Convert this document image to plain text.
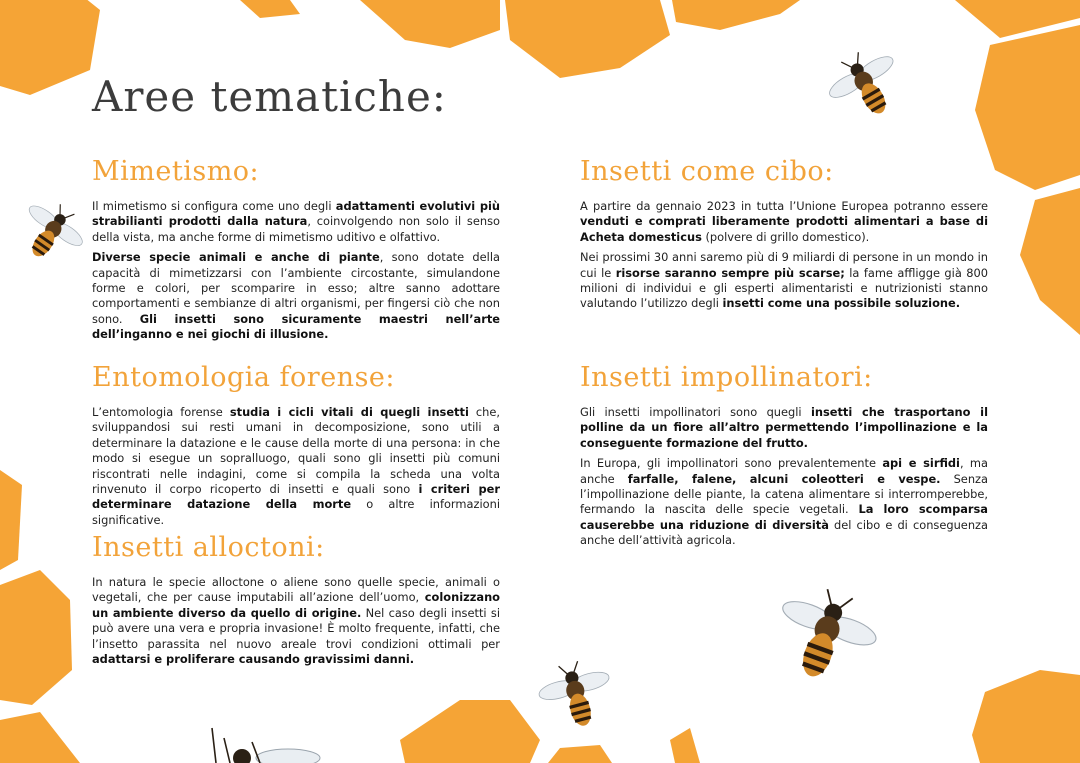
Aree tematiche:
Mimetismo:

Il mimetismo si configura come uno degli adattamenti evolutivi più strabilianti prodotti dalla natura, coinvolgendo non solo il senso della vista, ma anche forme di mimetismo uditivo e olfattivo.

Diverse specie animali e anche di piante, sono dotate della capacità di mimetizzarsi con l’ambiente circostante, simulandone forme e colori, per scomparire in esso; altre sanno adottare comportamenti e sembianze di altri organismi, per fingersi ciò che non sono. Gli insetti sono sicuramente maestri nell’arte dell’inganno e nei giochi di illusione.

Entomologia forense:

L’entomologia forense studia i cicli vitali di quegli insetti che, sviluppandosi sui resti umani in decomposizione, sono utili a determinare la datazione e le cause della morte di una persona: in che modo si esegue un sopralluogo, quali sono gli insetti più comuni riscontrati nelle indagini, come si compila la scheda una volta rinvenuto il corpo ricoperto di insetti e quali sono i criteri per determinare datazione della morte o altre informazioni significative.

Insetti alloctoni:

In natura le specie alloctone o aliene sono quelle specie, animali o vegetali, che per cause imputabili all’azione dell’uomo, colonizzano un ambiente diverso da quello di origine. Nel caso degli insetti si può avere una vera e propria invasione! È molto frequente, infatti, che l’insetto parassita nel nuovo areale trovi condizioni ottimali per adattarsi e proliferare causando gravissimi danni.

Insetti come cibo:

A partire da gennaio 2023 in tutta l’Unione Europea potranno essere venduti e comprati liberamente prodotti alimentari a base di Acheta domesticus (polvere di grillo domestico).

Nei prossimi 30 anni saremo più di 9 miliardi di persone in un mondo in cui le risorse saranno sempre più scarse; la fame affligge già 800 milioni di individui e gli esperti alimentaristi e nutrizionisti stanno valutando l’utilizzo degli insetti come una possibile soluzione.

Insetti impollinatori:

Gli insetti impollinatori sono quegli insetti che trasportano il polline da un fiore all’altro permettendo l’impollinazione e la conseguente formazione del frutto.

In Europa, gli impollinatori sono prevalentemente api e sirfidi, ma anche farfalle, falene, alcuni coleotteri e vespe. Senza l’impollinazione delle piante, la catena alimentare si interromperebbe, fermando la nascita delle specie vegetali. La loro scomparsa causerebbe una riduzione di diversità del cibo e di conseguenza anche dell’attività agricola.
